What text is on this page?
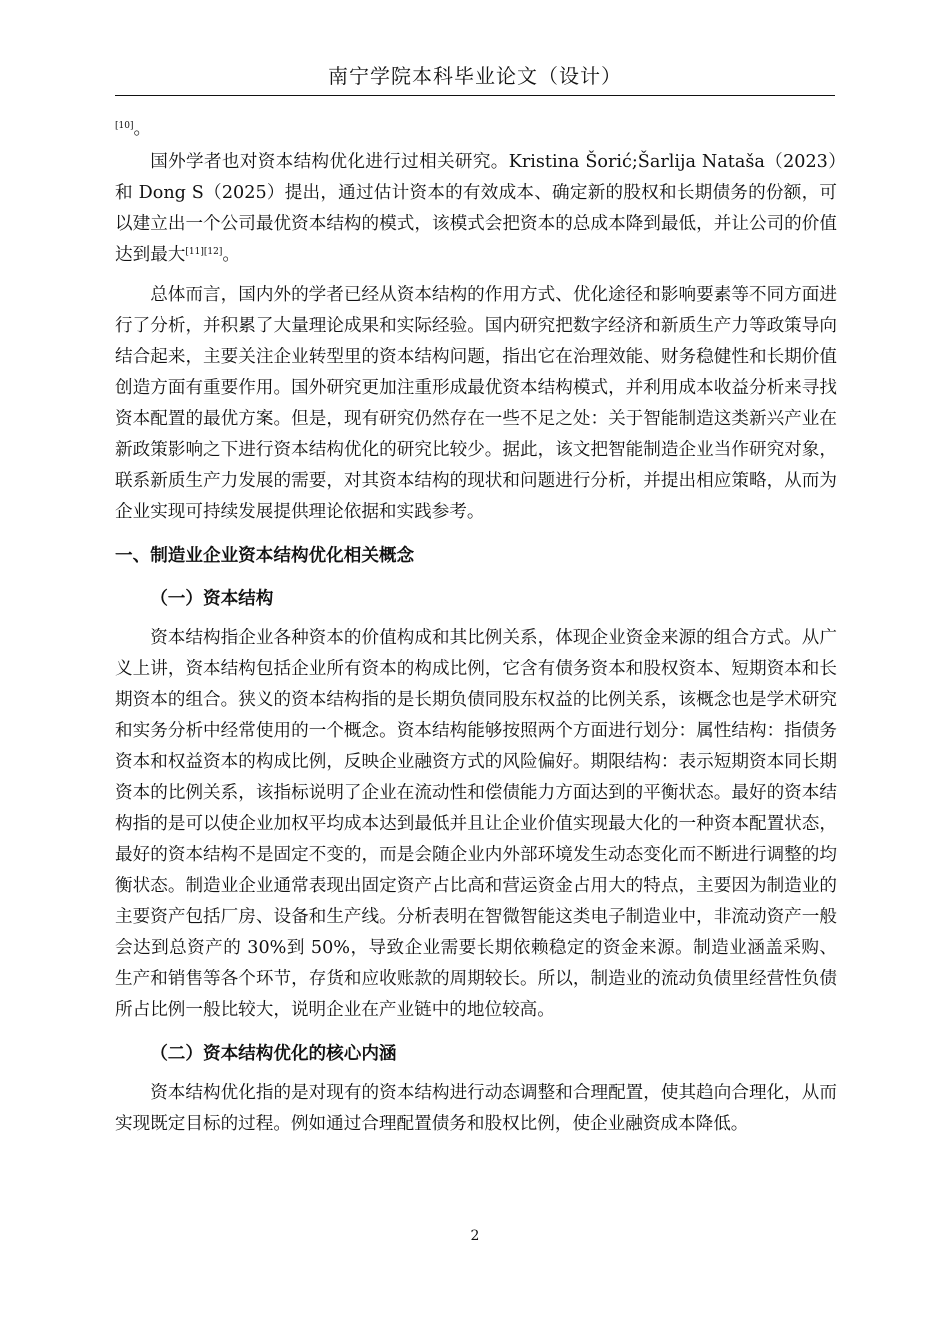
南宁学院本科毕业论文（设计）

[10]。

国外学者也对资本结构优化进行过相关研究。Kristina Šorić;Šarlija Nataša（2023）和 Dong S（2025）提出，通过估计资本的有效成本、确定新的股权和长期债务的份额，可以建立出一个公司最优资本结构的模式，该模式会把资本的总成本降到最低，并让公司的价值达到最大[11][12]。

总体而言，国内外的学者已经从资本结构的作用方式、优化途径和影响要素等不同方面进行了分析，并积累了大量理论成果和实际经验。国内研究把数字经济和新质生产力等政策导向结合起来，主要关注企业转型里的资本结构问题，指出它在治理效能、财务稳健性和长期价值创造方面有重要作用。国外研究更加注重形成最优资本结构模式，并利用成本收益分析来寻找资本配置的最优方案。但是，现有研究仍然存在一些不足之处：关于智能制造这类新兴产业在新政策影响之下进行资本结构优化的研究比较少。据此，该文把智能制造企业当作研究对象，联系新质生产力发展的需要，对其资本结构的现状和问题进行分析，并提出相应策略，从而为企业实现可持续发展提供理论依据和实践参考。

一、制造业企业资本结构优化相关概念

（一）资本结构

资本结构指企业各种资本的价值构成和其比例关系，体现企业资金来源的组合方式。从广义上讲，资本结构包括企业所有资本的构成比例，它含有债务资本和股权资本、短期资本和长期资本的组合。狭义的资本结构指的是长期负债同股东权益的比例关系，该概念也是学术研究和实务分析中经常使用的一个概念。资本结构能够按照两个方面进行划分：属性结构：指债务资本和权益资本的构成比例，反映企业融资方式的风险偏好。期限结构：表示短期资本同长期资本的比例关系，该指标说明了企业在流动性和偿债能力方面达到的平衡状态。最好的资本结构指的是可以使企业加权平均成本达到最低并且让企业价值实现最大化的一种资本配置状态，最好的资本结构不是固定不变的，而是会随企业内外部环境发生动态变化而不断进行调整的均衡状态。制造业企业通常表现出固定资产占比高和营运资金占用大的特点，主要因为制造业的主要资产包括厂房、设备和生产线。分析表明在智微智能这类电子制造业中，非流动资产一般会达到总资产的 30%到 50%，导致企业需要长期依赖稳定的资金来源。制造业涵盖采购、生产和销售等各个环节，存货和应收账款的周期较长。所以，制造业的流动负债里经营性负债所占比例一般比较大，说明企业在产业链中的地位较高。

（二）资本结构优化的核心内涵

资本结构优化指的是对现有的资本结构进行动态调整和合理配置，使其趋向合理化，从而实现既定目标的过程。例如通过合理配置债务和股权比例，使企业融资成本降低。

2
